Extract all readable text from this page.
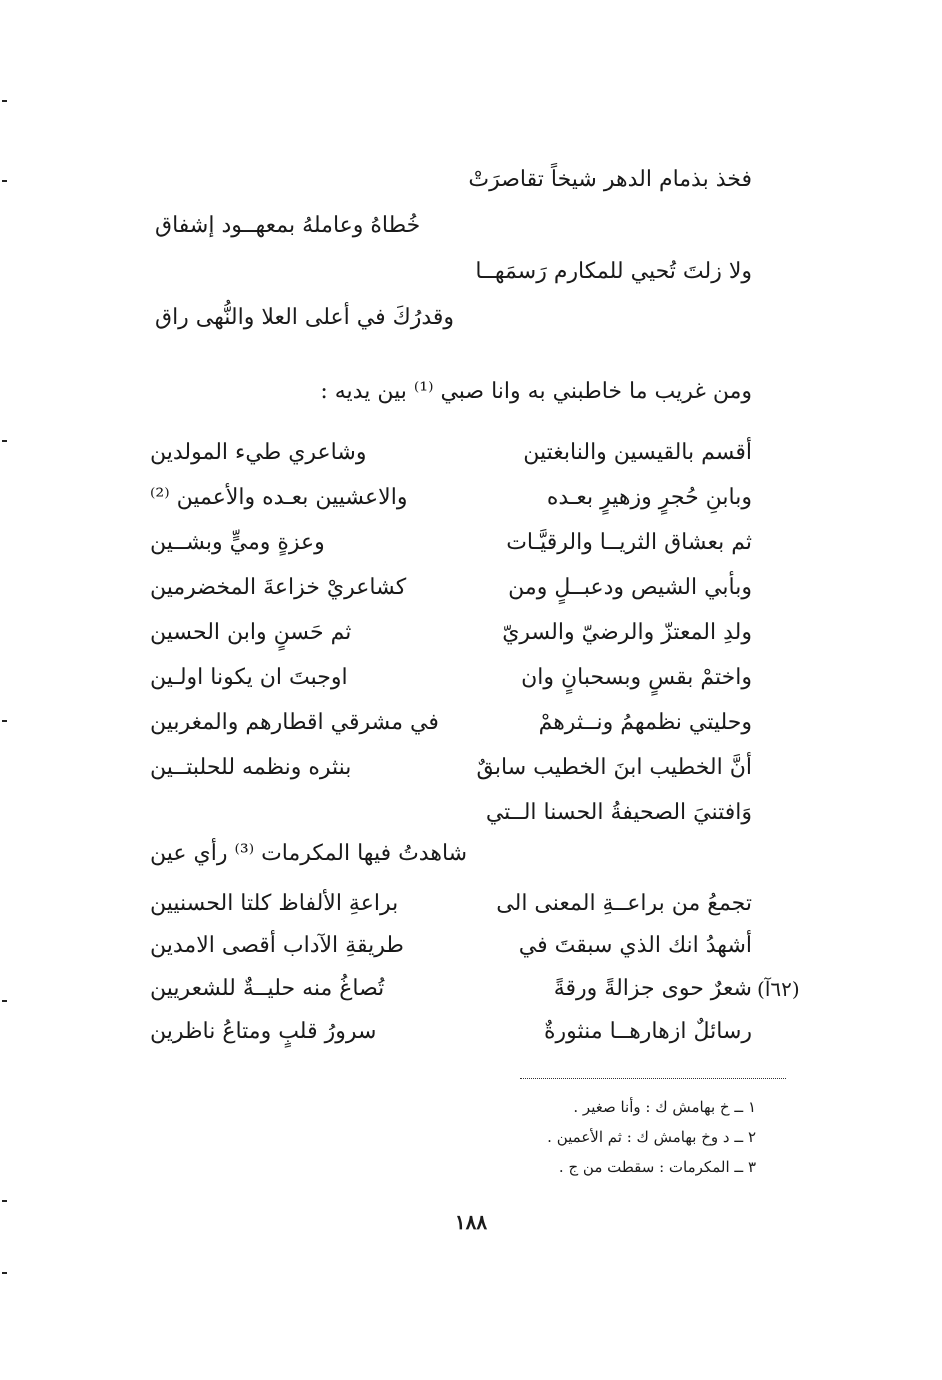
فخذ بذمام الدهر شيخاً تقاصرَتْ
خُطاهُ وعاملهُ بمعهــود إشفاق
ولا زلتَ تُحيي للمكارم رَسمَهــا
وقدرُكَ في أعلى العلا والنُّهى راق
ومن غريب ما خاطبني به وانا صبي ⁽¹⁾ بين يديه :
أقسم بالقيسين والنابغتين
وشاعري طيء المولدين
وبابنِ حُجرٍ وزهيرٍ بعـده
والاعشيين بعـده والأعمين ⁽²⁾
ثم بعشاق الثريــا والرقيَّـات
وعزةٍ وميٍّ وبشــين
وبأبي الشيص ودعبــلٍ ومن
كشاعريْ خزاعةَ المخضرمين
ولدِ المعتزّ والرضيّ والسريّ
ثم حَسنٍ وابن الحسين
واختمْ بقسٍ وبسحبانٍ وان
اوجبتَ ان يكونا اولـين
وحليتي نظمهمُ ونــثرهمْ
في مشرقي اقطارهم والمغربين
أنَّ الخطيب ابنَ الخطيب سابقٌ
بنثره ونظمه للحلبتــين
وَافتنيَ الصحيفةُ الحسنا الــتي
شاهدتُ فيها المكرمات ⁽³⁾ رأي عين
تجمعُ من براعــةِ المعنى الى
براعةِ الألفاظ كلتا الحسنيين
أشهدُ انك الذي سبقتَ في
طريقةِ الآداب أقصى الامدين
شعرٌ حوى جزالةً ورقةً
تُصاغُ منه حليــةٌ للشعريين	(٦٢آ)
رسائلٌ ازهارهــا منثورةٌ
سرورُ قلبٍ ومتاعُ ناظرين
١ ــ خ بهامش ك : وأنا صغير .
٢ ــ د وخ بهامش ك : ثم الأعمين .
٣ ــ المكرمات : سقطت من ج .
١٨٨
